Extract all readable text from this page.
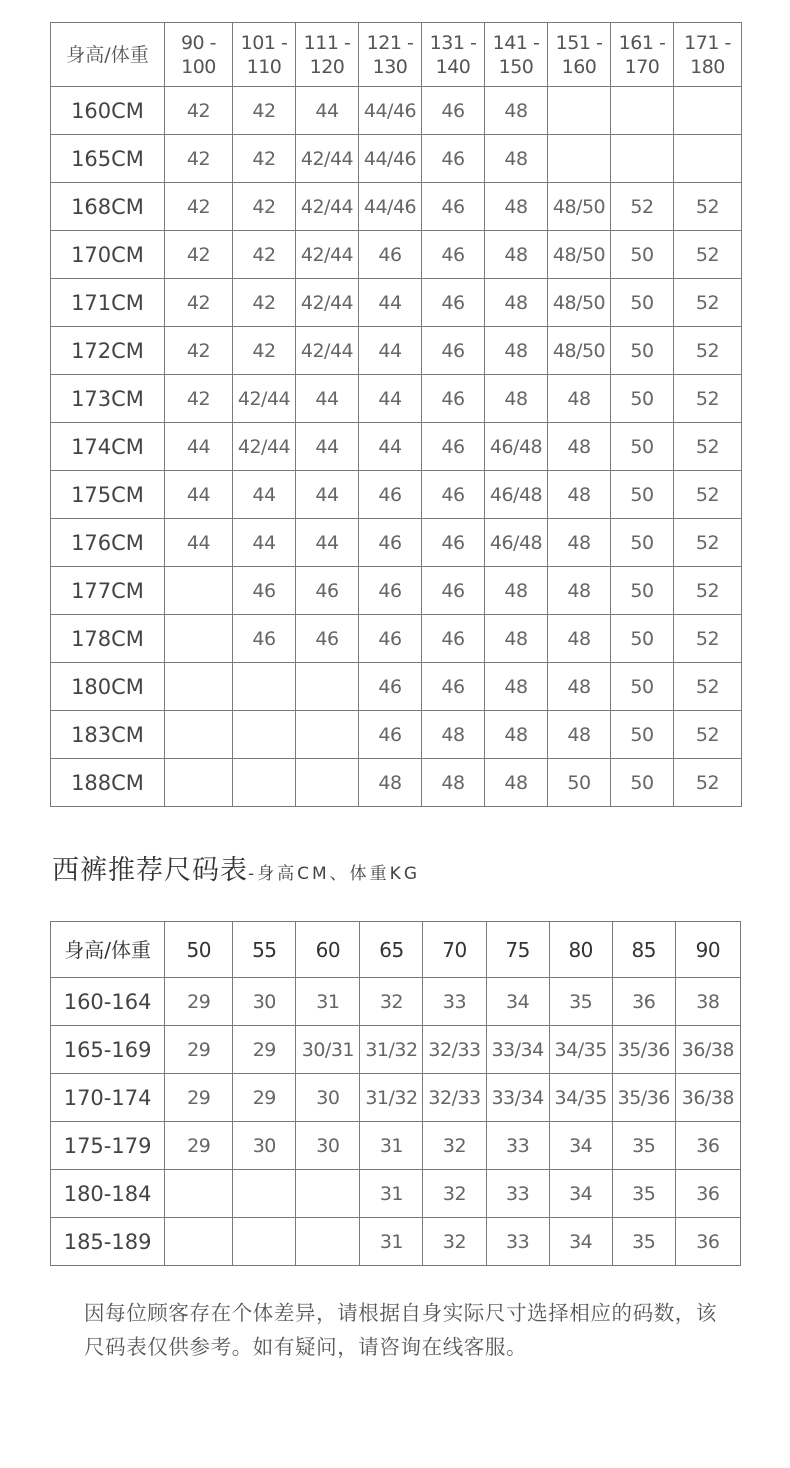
身高/体重	90 - 100	101 - 110	111 - 120	121 - 130	131 - 140	141 - 150	151 - 160	161 - 170	171 - 180
160CM	42	42	44	44/46	46	48			
165CM	42	42	42/44	44/46	46	48			
168CM	42	42	42/44	44/46	46	48	48/50	52	52
170CM	42	42	42/44	46	46	48	48/50	50	52
171CM	42	42	42/44	44	46	48	48/50	50	52
172CM	42	42	42/44	44	46	48	48/50	50	52
173CM	42	42/44	44	44	46	48	48	50	52
174CM	44	42/44	44	44	46	46/48	48	50	52
175CM	44	44	44	46	46	46/48	48	50	52
176CM	44	44	44	46	46	46/48	48	50	52
177CM		46	46	46	46	48	48	50	52
178CM		46	46	46	46	48	48	50	52
180CM				46	46	48	48	50	52
183CM				46	48	48	48	50	52
188CM				48	48	48	50	50	52
西裤推荐尺码表-身高CM、体重KG
身高/体重	50	55	60	65	70	75	80	85	90
160-164	29	30	31	32	33	34	35	36	38
165-169	29	29	30/31	31/32	32/33	33/34	34/35	35/36	36/38
170-174	29	29	30	31/32	32/33	33/34	34/35	35/36	36/38
175-179	29	30	30	31	32	33	34	35	36
180-184				31	32	33	34	35	36
185-189				31	32	33	34	35	36
因每位顾客存在个体差异，请根据自身实际尺寸选择相应的码数，该尺码表仅供参考。如有疑问，请咨询在线客服。
